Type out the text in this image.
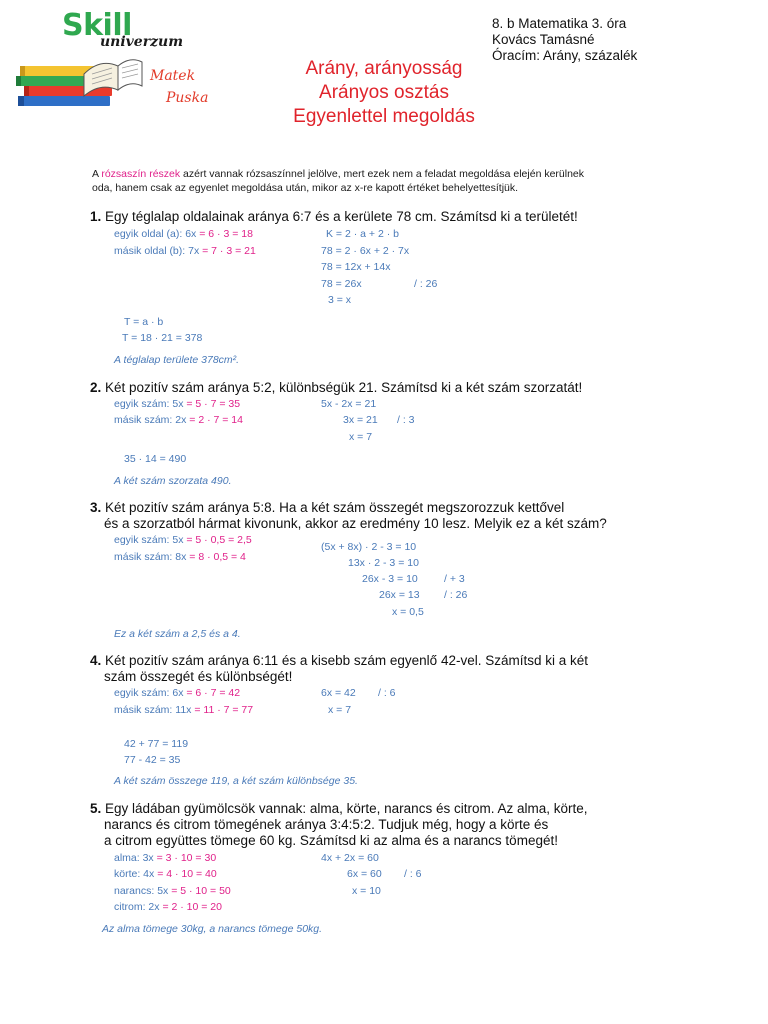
Skill
univerzum
Matek
Puska
8. b Matematika 3. óra
Kovács Tamásné
Óracím: Arány, százalék
Arány, arányosság
Arányos osztás
Egyenlettel megoldás
A rózsaszín részek azért vannak rózsaszínnel jelölve, mert ezek nem a feladat megoldása elején kerülnek
oda, hanem csak az egyenlet megoldása után, mikor az x-re kapott értéket behelyettesítjük.
1. Egy téglalap oldalainak aránya 6:7 és a kerülete 78 cm. Számítsd ki a területét!
egyik oldal (a): 6x = 6 · 3 = 18
másik oldal (b): 7x = 7 · 3 = 21
K = 2 · a + 2 · b
78 = 2 · 6x + 2 · 7x
78 = 12x + 14x
78 = 26x	/ : 26
3 = x
T = a · b
T = 18 · 21 = 378
A téglalap területe 378cm².
2. Két pozitív szám aránya 5:2, különbségük 21. Számítsd ki a két szám szorzatát!
egyik szám: 5x = 5 · 7 = 35
másik szám: 2x = 2 · 7 = 14
5x - 2x = 21
3x = 21 / : 3
x = 7
35 · 14 = 490
A két szám szorzata 490.
3. Két pozitív szám aránya 5:8. Ha a két szám összegét megszorozzuk kettővel
és a szorzatból hármat kivonunk, akkor az eredmény 10 lesz. Melyik ez a két szám?
egyik szám: 5x = 5 · 0,5 = 2,5
másik szám: 8x = 8 · 0,5 = 4
(5x + 8x) · 2 - 3 = 10
13x · 2 - 3 = 10
26x - 3 = 10	/ + 3
26x = 13 / : 26
x = 0,5
Ez a két szám a 2,5 és a 4.
4. Két pozitív szám aránya 6:11 és a kisebb szám egyenlő 42-vel. Számítsd ki a két
szám összegét és különbségét!
egyik szám: 6x = 6 · 7 = 42
másik szám: 11x = 11 · 7 = 77
6x = 42 / : 6
x = 7
42 + 77 = 119
77 - 42 = 35
A két szám összege 119, a két szám különbsége 35.
5. Egy ládában gyümölcsök vannak: alma, körte, narancs és citrom. Az alma, körte,
narancs és citrom tömegének aránya 3:4:5:2. Tudjuk még, hogy a körte és
a citrom együttes tömege 60 kg. Számítsd ki az alma és a narancs tömegét!
alma: 3x = 3 · 10 = 30
körte: 4x = 4 · 10 = 40
narancs: 5x = 5 · 10 = 50
citrom: 2x = 2 · 10 = 20
4x + 2x = 60
6x = 60 / : 6
x = 10
Az alma tömege 30kg, a narancs tömege 50kg.
